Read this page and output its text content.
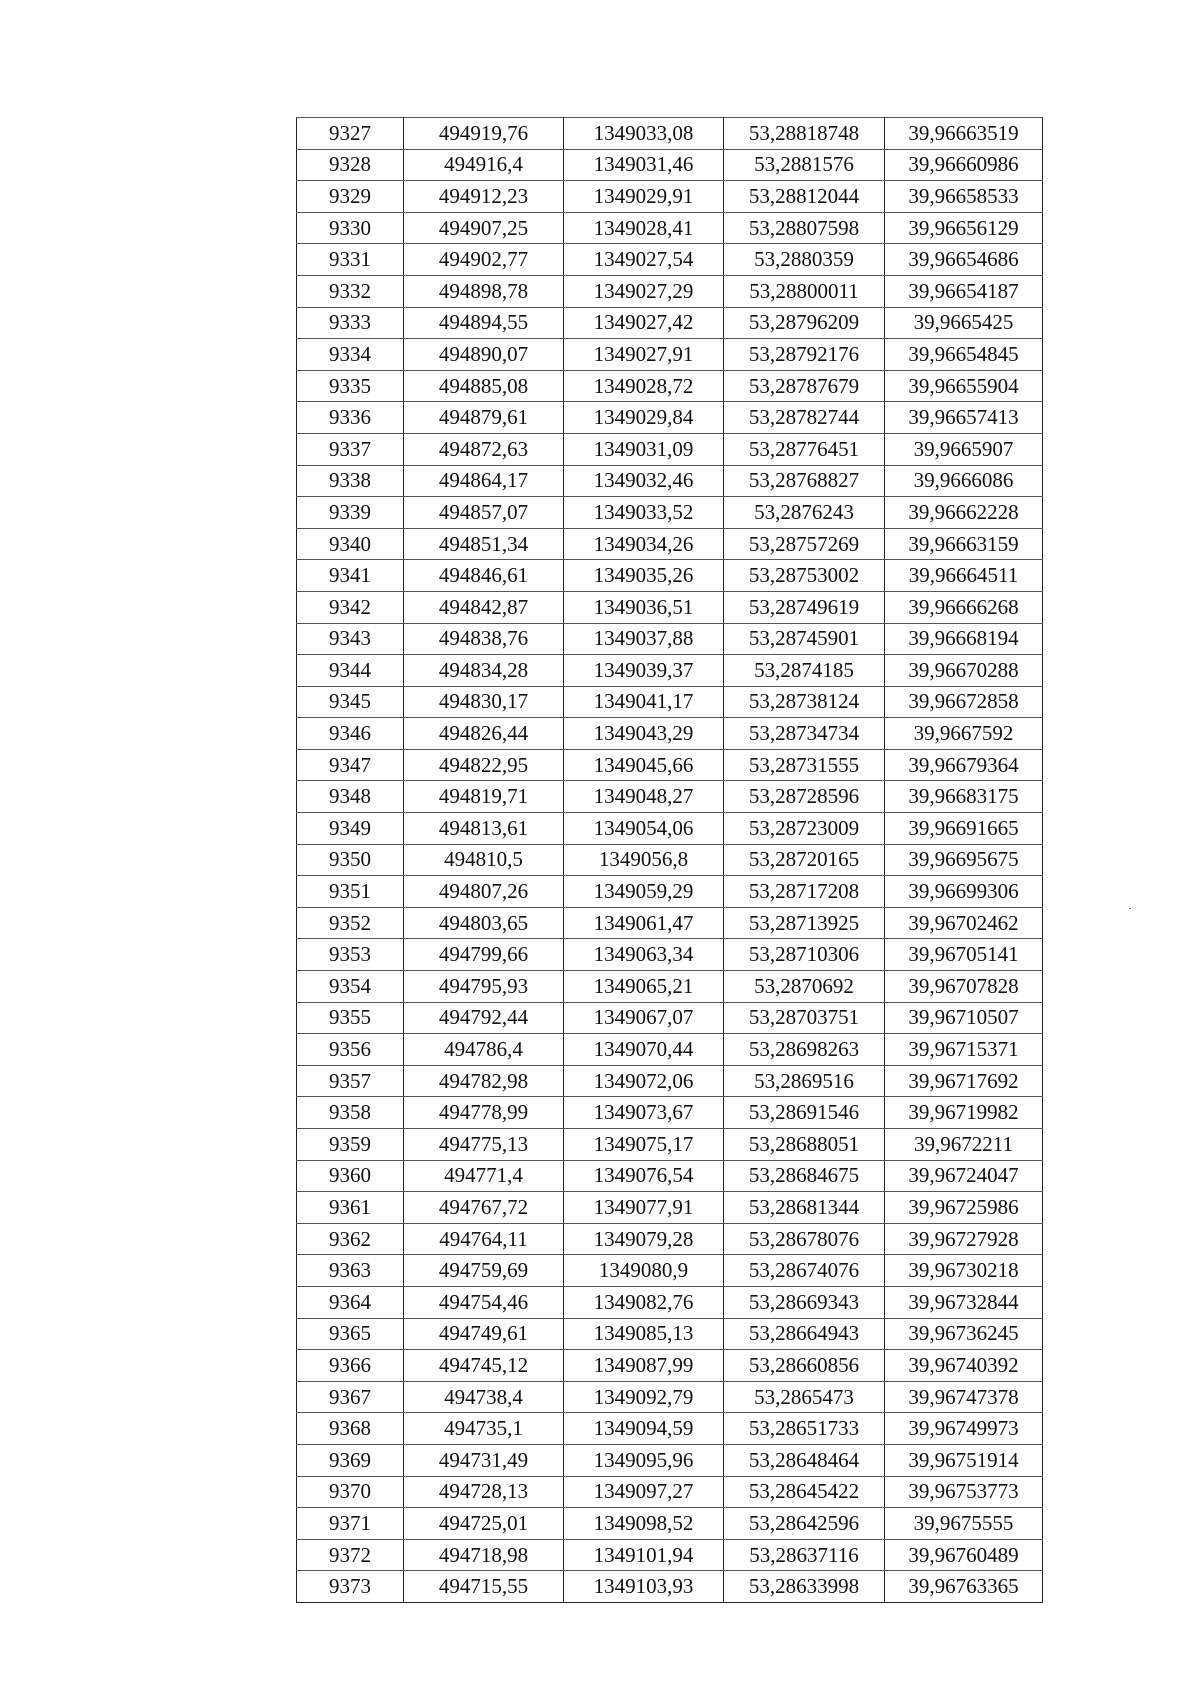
9327	494919,76	1349033,08	53,28818748	39,96663519
9328	494916,4	1349031,46	53,2881576	39,96660986
9329	494912,23	1349029,91	53,28812044	39,96658533
9330	494907,25	1349028,41	53,28807598	39,96656129
9331	494902,77	1349027,54	53,2880359	39,96654686
9332	494898,78	1349027,29	53,28800011	39,96654187
9333	494894,55	1349027,42	53,28796209	39,9665425
9334	494890,07	1349027,91	53,28792176	39,96654845
9335	494885,08	1349028,72	53,28787679	39,96655904
9336	494879,61	1349029,84	53,28782744	39,96657413
9337	494872,63	1349031,09	53,28776451	39,9665907
9338	494864,17	1349032,46	53,28768827	39,9666086
9339	494857,07	1349033,52	53,2876243	39,96662228
9340	494851,34	1349034,26	53,28757269	39,96663159
9341	494846,61	1349035,26	53,28753002	39,96664511
9342	494842,87	1349036,51	53,28749619	39,96666268
9343	494838,76	1349037,88	53,28745901	39,96668194
9344	494834,28	1349039,37	53,2874185	39,96670288
9345	494830,17	1349041,17	53,28738124	39,96672858
9346	494826,44	1349043,29	53,28734734	39,9667592
9347	494822,95	1349045,66	53,28731555	39,96679364
9348	494819,71	1349048,27	53,28728596	39,96683175
9349	494813,61	1349054,06	53,28723009	39,96691665
9350	494810,5	1349056,8	53,28720165	39,96695675
9351	494807,26	1349059,29	53,28717208	39,96699306
9352	494803,65	1349061,47	53,28713925	39,96702462
9353	494799,66	1349063,34	53,28710306	39,96705141
9354	494795,93	1349065,21	53,2870692	39,96707828
9355	494792,44	1349067,07	53,28703751	39,96710507
9356	494786,4	1349070,44	53,28698263	39,96715371
9357	494782,98	1349072,06	53,2869516	39,96717692
9358	494778,99	1349073,67	53,28691546	39,96719982
9359	494775,13	1349075,17	53,28688051	39,9672211
9360	494771,4	1349076,54	53,28684675	39,96724047
9361	494767,72	1349077,91	53,28681344	39,96725986
9362	494764,11	1349079,28	53,28678076	39,96727928
9363	494759,69	1349080,9	53,28674076	39,96730218
9364	494754,46	1349082,76	53,28669343	39,96732844
9365	494749,61	1349085,13	53,28664943	39,96736245
9366	494745,12	1349087,99	53,28660856	39,96740392
9367	494738,4	1349092,79	53,2865473	39,96747378
9368	494735,1	1349094,59	53,28651733	39,96749973
9369	494731,49	1349095,96	53,28648464	39,96751914
9370	494728,13	1349097,27	53,28645422	39,96753773
9371	494725,01	1349098,52	53,28642596	39,9675555
9372	494718,98	1349101,94	53,28637116	39,96760489
9373	494715,55	1349103,93	53,28633998	39,96763365
